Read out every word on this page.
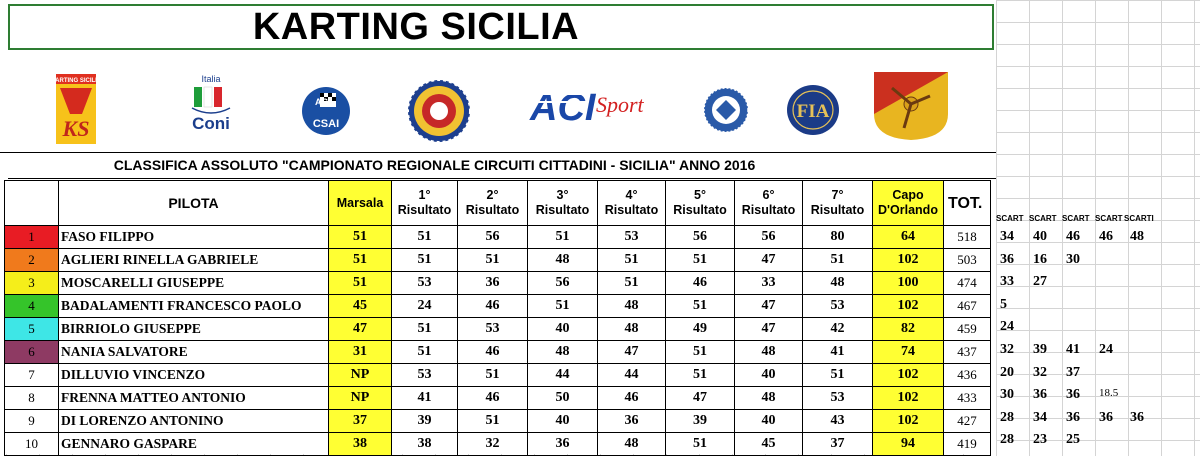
KARTING SICILIA
KARTING SICILIA
KS
Italia
Coni
ACI
CSAI	ACI Sport	FIA
CLASSIFICA ASSOLUTO "CAMPIONATO REGIONALE CIRCUITI CITTADINI - SICILIA" ANNO 2016
	PILOTA	Marsala	1°
Risultato	2°
Risultato	3°
Risultato	4°
Risultato	5°
Risultato	6°
Risultato	7°
Risultato	Capo
D'Orlando	TOT.
1	FASO FILIPPO	51	51	56	51	53	56	56	80	64	518
2	AGLIERI RINELLA GABRIELE	51	51	51	48	51	51	47	51	102	503
3	MOSCARELLI GIUSEPPE	51	53	36	56	51	46	33	48	100	474
4	BADALAMENTI FRANCESCO PAOLO	45	24	46	51	48	51	47	53	102	467
5	BIRRIOLO GIUSEPPE	47	51	53	40	48	49	47	42	82	459
6	NANIA SALVATORE	31	51	46	48	47	51	48	41	74	437
7	DILLUVIO VINCENZO	NP	53	51	44	44	51	40	51	102	436
8	FRENNA MATTEO ANTONIO	NP	41	46	50	46	47	48	53	102	433
9	DI LORENZO ANTONINO	37	39	51	40	36	39	40	43	102	427
10	GENNARO GASPARE	38	38	32	36	48	51	45	37	94	419
SCART SCART SCART SCART SCARTI
34 40 46 46 48
36 16 30
33 27
5
24
32 39 41 24
20 32 37
30 36 36 18.5
28 34 36 36 36
28 23 25
